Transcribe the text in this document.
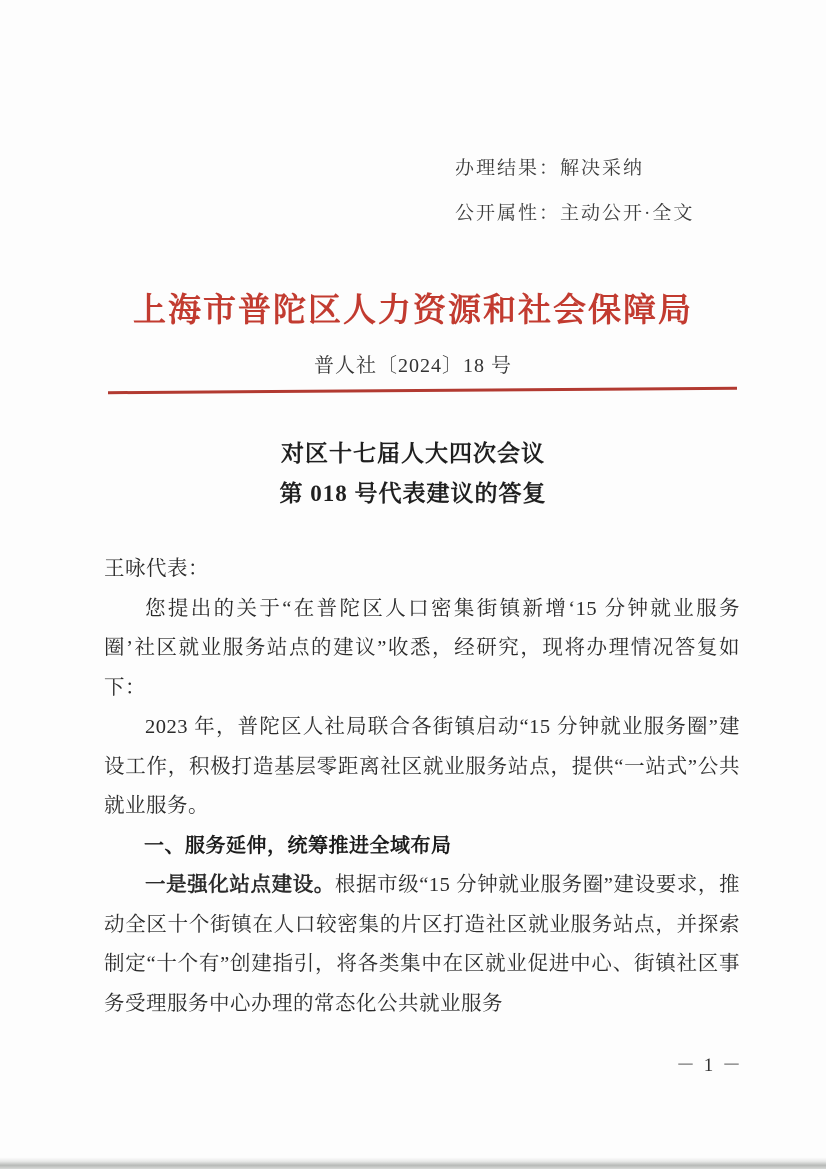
办理结果：解决采纳
公开属性：主动公开·全文
上海市普陀区人力资源和社会保障局
普人社〔2024〕18 号
对区十七届人大四次会议
第 018 号代表建议的答复

王咏代表：

您提出的关于“在普陀区人口密集街镇新增‘15 分钟就业服务圈’社区就业服务站点的建议”收悉，经研究，现将办理情况答复如下：

2023 年，普陀区人社局联合各街镇启动“15 分钟就业服务圈”建设工作，积极打造基层零距离社区就业服务站点，提供“一站式”公共就业服务。

一、服务延伸，统筹推进全域布局

一是强化站点建设。根据市级“15 分钟就业服务圈”建设要求，推动全区十个街镇在人口较密集的片区打造社区就业服务站点，并探索制定“十个有”创建指引，将各类集中在区就业促进中心、街镇社区事务受理服务中心办理的常态化公共就业服务

－ 1 －
